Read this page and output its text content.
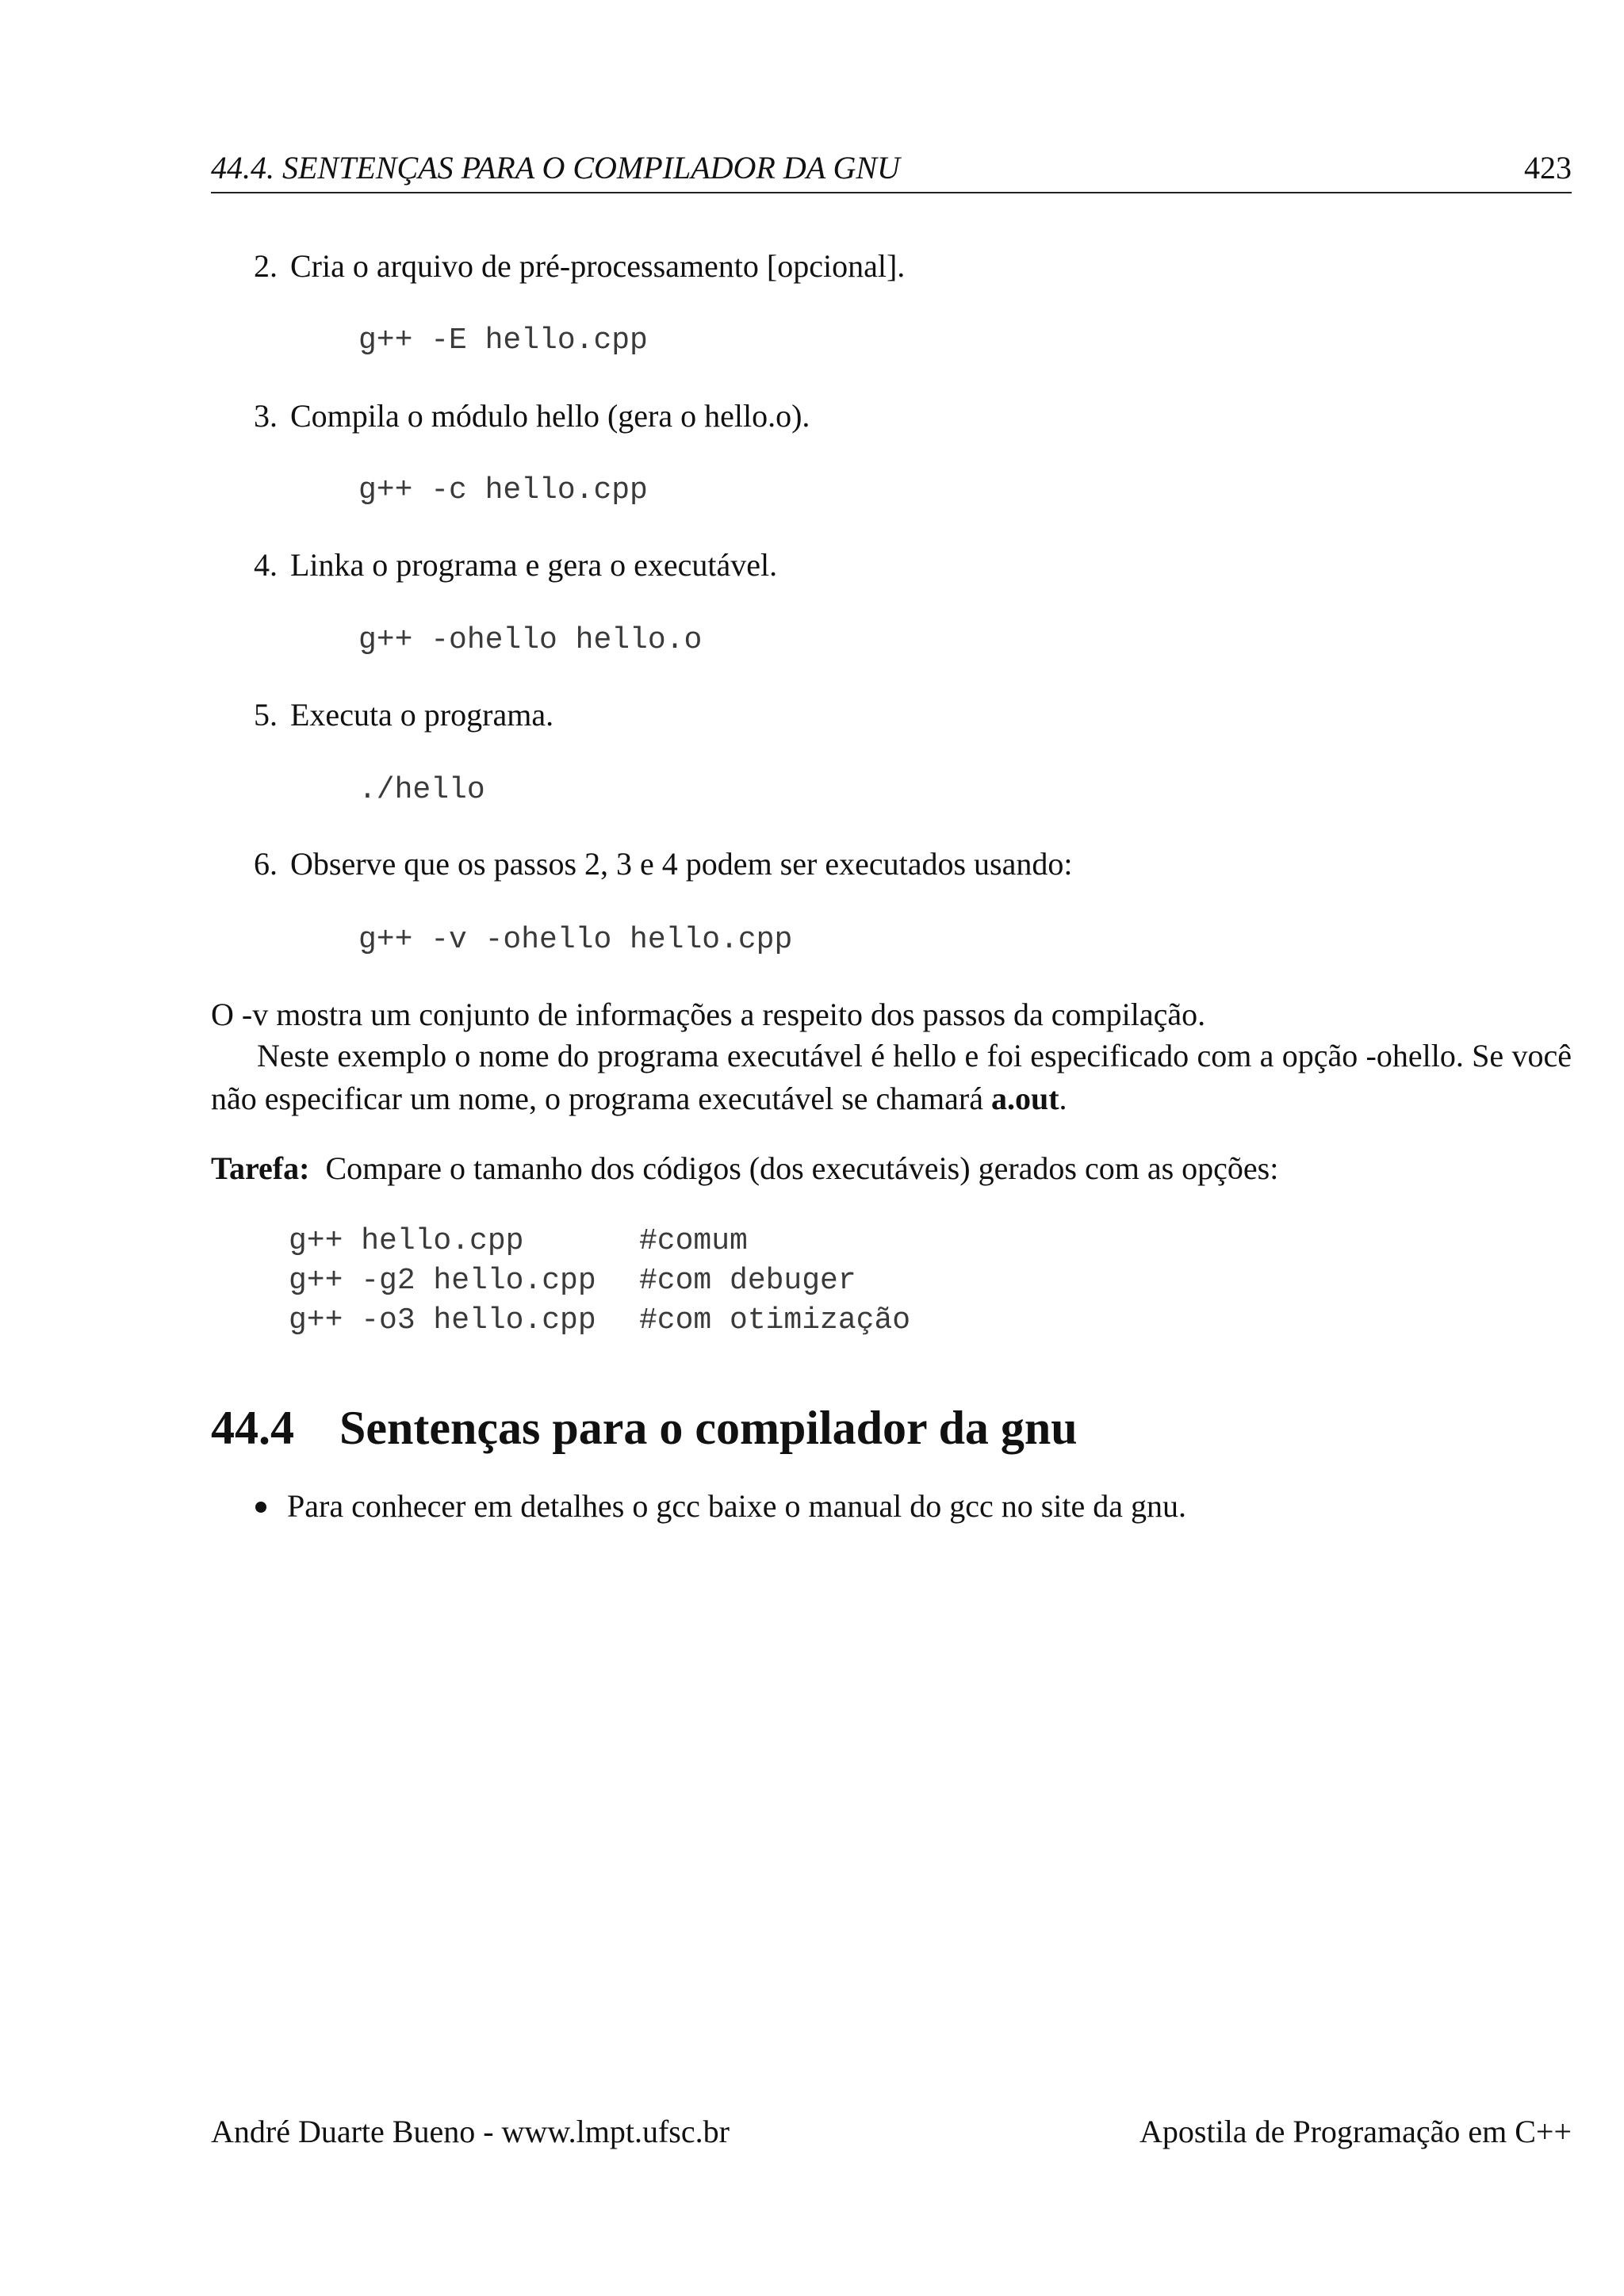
44.4. SENTENÇAS PARA O COMPILADOR DA GNU	423
2. Cria o arquivo de pré-processamento [opcional].
g++ -E hello.cpp
3. Compila o módulo hello (gera o hello.o).
g++ -c hello.cpp
4. Linka o programa e gera o executável.
g++ -ohello hello.o
5. Executa o programa.
./hello
6. Observe que os passos 2, 3 e 4 podem ser executados usando:
g++ -v -ohello hello.cpp
O -v mostra um conjunto de informações a respeito dos passos da compilação.
Neste exemplo o nome do programa executável é hello e foi especificado com a opção -ohello. Se você não especificar um nome, o programa executável se chamará a.out.
Tarefa: Compare o tamanho dos códigos (dos executáveis) gerados com as opções:
g++ hello.cpp	#comum
g++ -g2 hello.cpp #com debuger
g++ -o3 hello.cpp #com otimização
44.4 Sentenças para o compilador da gnu
Para conhecer em detalhes o gcc baixe o manual do gcc no site da gnu.
André Duarte Bueno - www.lmpt.ufsc.br	Apostila de Programação em C++
